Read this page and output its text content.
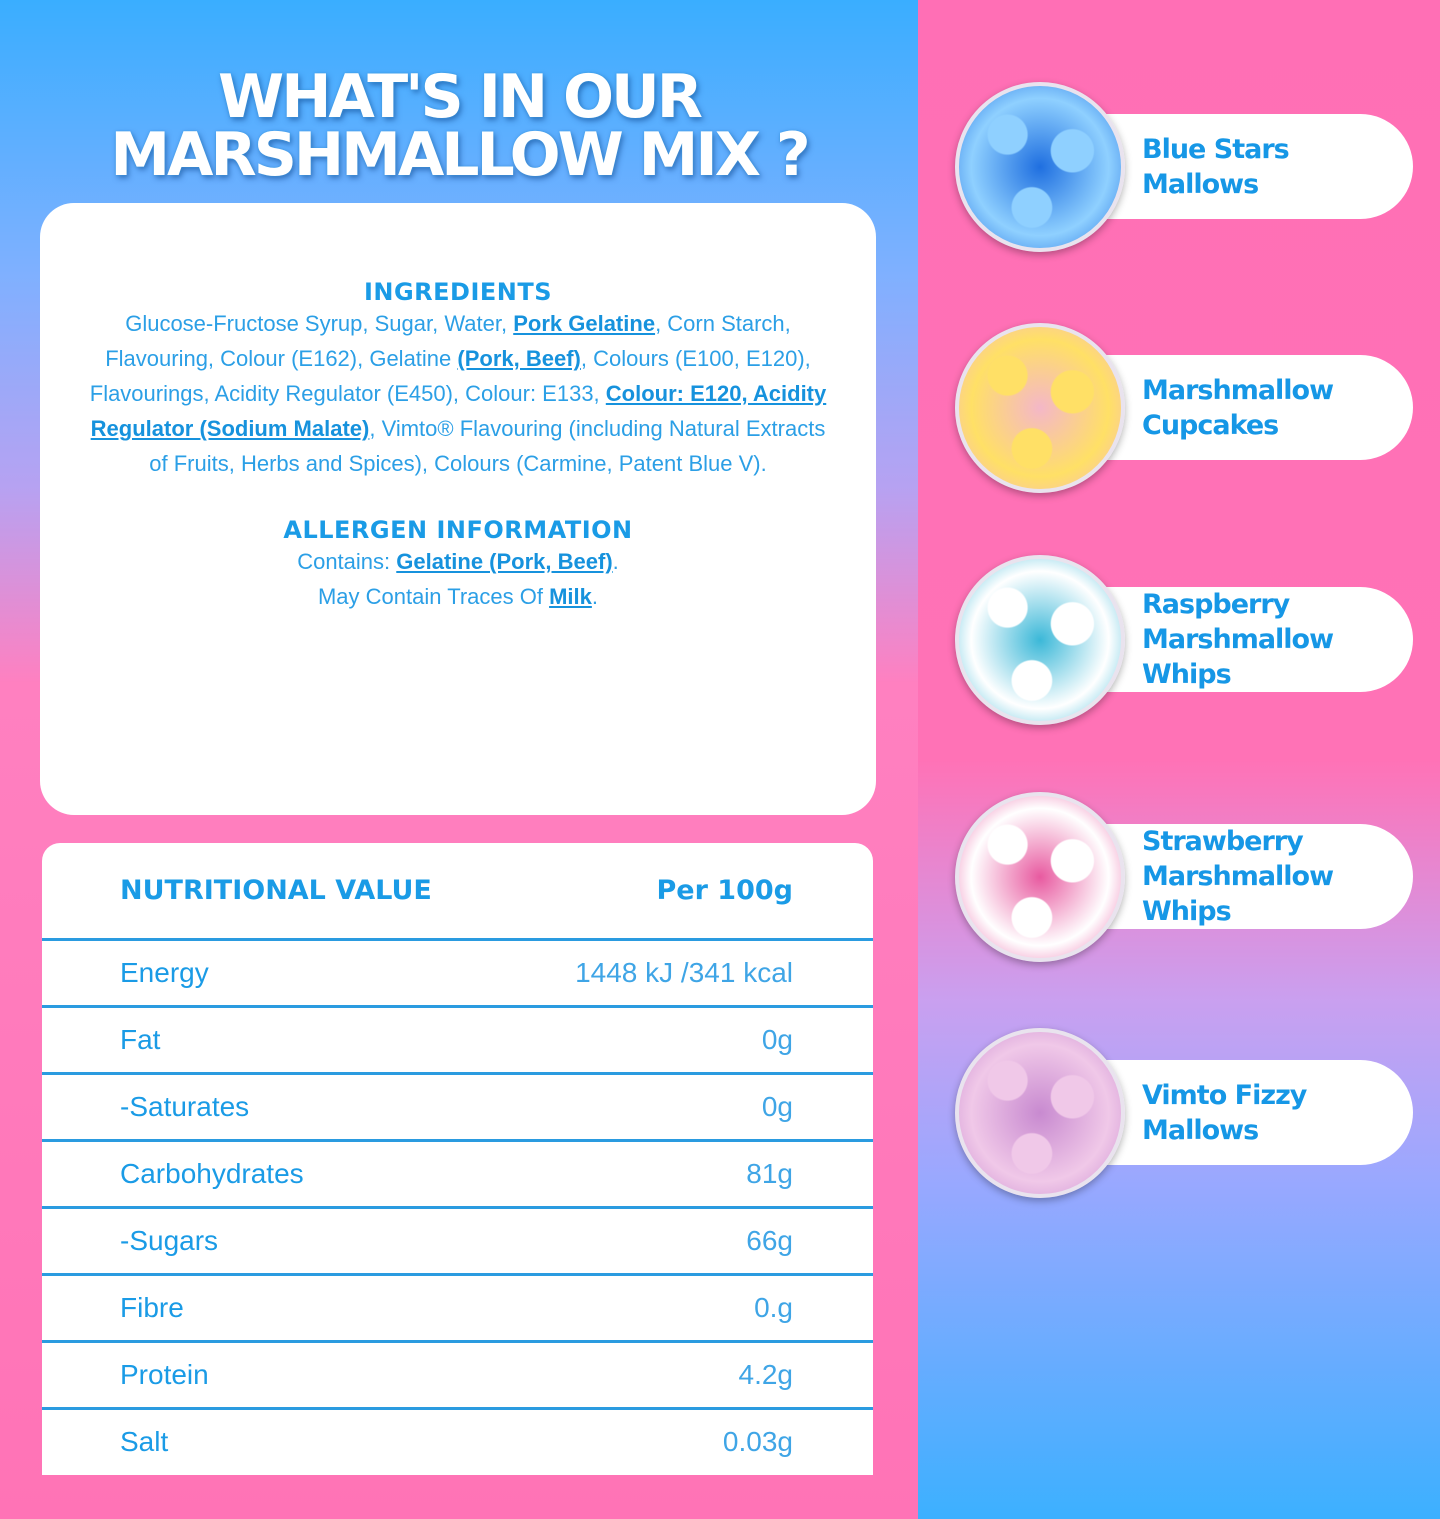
WHAT'S IN OUR
MARSHMALLOW MIX ?
INGREDIENTS

Glucose-Fructose Syrup, Sugar, Water, Pork Gelatine, Corn Starch, Flavouring, Colour (E162), Gelatine (Pork, Beef), Colours (E100, E120), Flavourings, Acidity Regulator (E450), Colour: E133, Colour: E120, Acidity Regulator (Sodium Malate), Vimto® Flavouring (including Natural Extracts of Fruits, Herbs and Spices), Colours (Carmine, Patent Blue V).

ALLERGEN INFORMATION

Contains: Gelatine (Pork, Beef).

May Contain Traces Of Milk.

NUTRITIONAL VALUE	Per 100g
Energy	1448 kJ /341 kcal
Fat	0g
-Saturates	0g
Carbohydrates	81g
-Sugars	66g
Fibre	0.g
Protein	4.2g
Salt	0.03g
Blue Stars Mallows
Marshmallow Cupcakes
Raspberry Marshmallow Whips
Strawberry Marshmallow Whips
Vimto Fizzy Mallows
